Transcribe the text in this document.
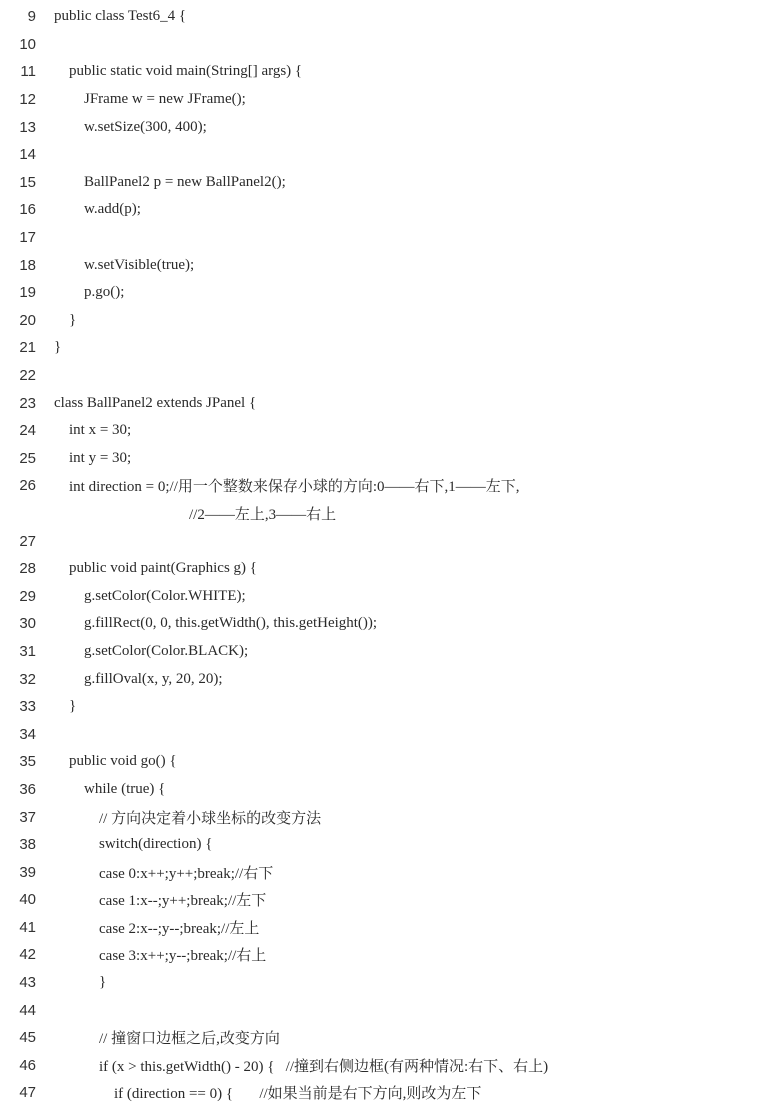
9	public class Test6_4 {
10
11	public static void main(String[] args) {
12	JFrame w = new JFrame();
13	w.setSize(300, 400);
14
15	BallPanel2 p = new BallPanel2();
16	w.add(p);
17
18	w.setVisible(true);
19	p.go();
20	}
21	}
22
23	class BallPanel2 extends JPanel {
24	int x = 30;
25	int y = 30;
26	int direction = 0;//用一个整数来保存小球的方向:0——右下,1——左下,
//2——左上,3——右上
27
28	public void paint(Graphics g) {
29	g.setColor(Color.WHITE);
30	g.fillRect(0, 0, this.getWidth(), this.getHeight());
31	g.setColor(Color.BLACK);
32	g.fillOval(x, y, 20, 20);
33	}
34
35	public void go() {
36	while (true) {
37	// 方向决定着小球坐标的改变方法
38	switch(direction) {
39	case 0:x++;y++;break;//右下
40	case 1:x--;y++;break;//左下
41	case 2:x--;y--;break;//左上
42	case 3:x++;y--;break;//右上
43	}
44
45	// 撞窗口边框之后,改变方向
46	if (x > this.getWidth() - 20) {   //撞到右侧边框(有两种情况:右下、右上)
47	if (direction == 0) {       //如果当前是右下方向,则改为左下
